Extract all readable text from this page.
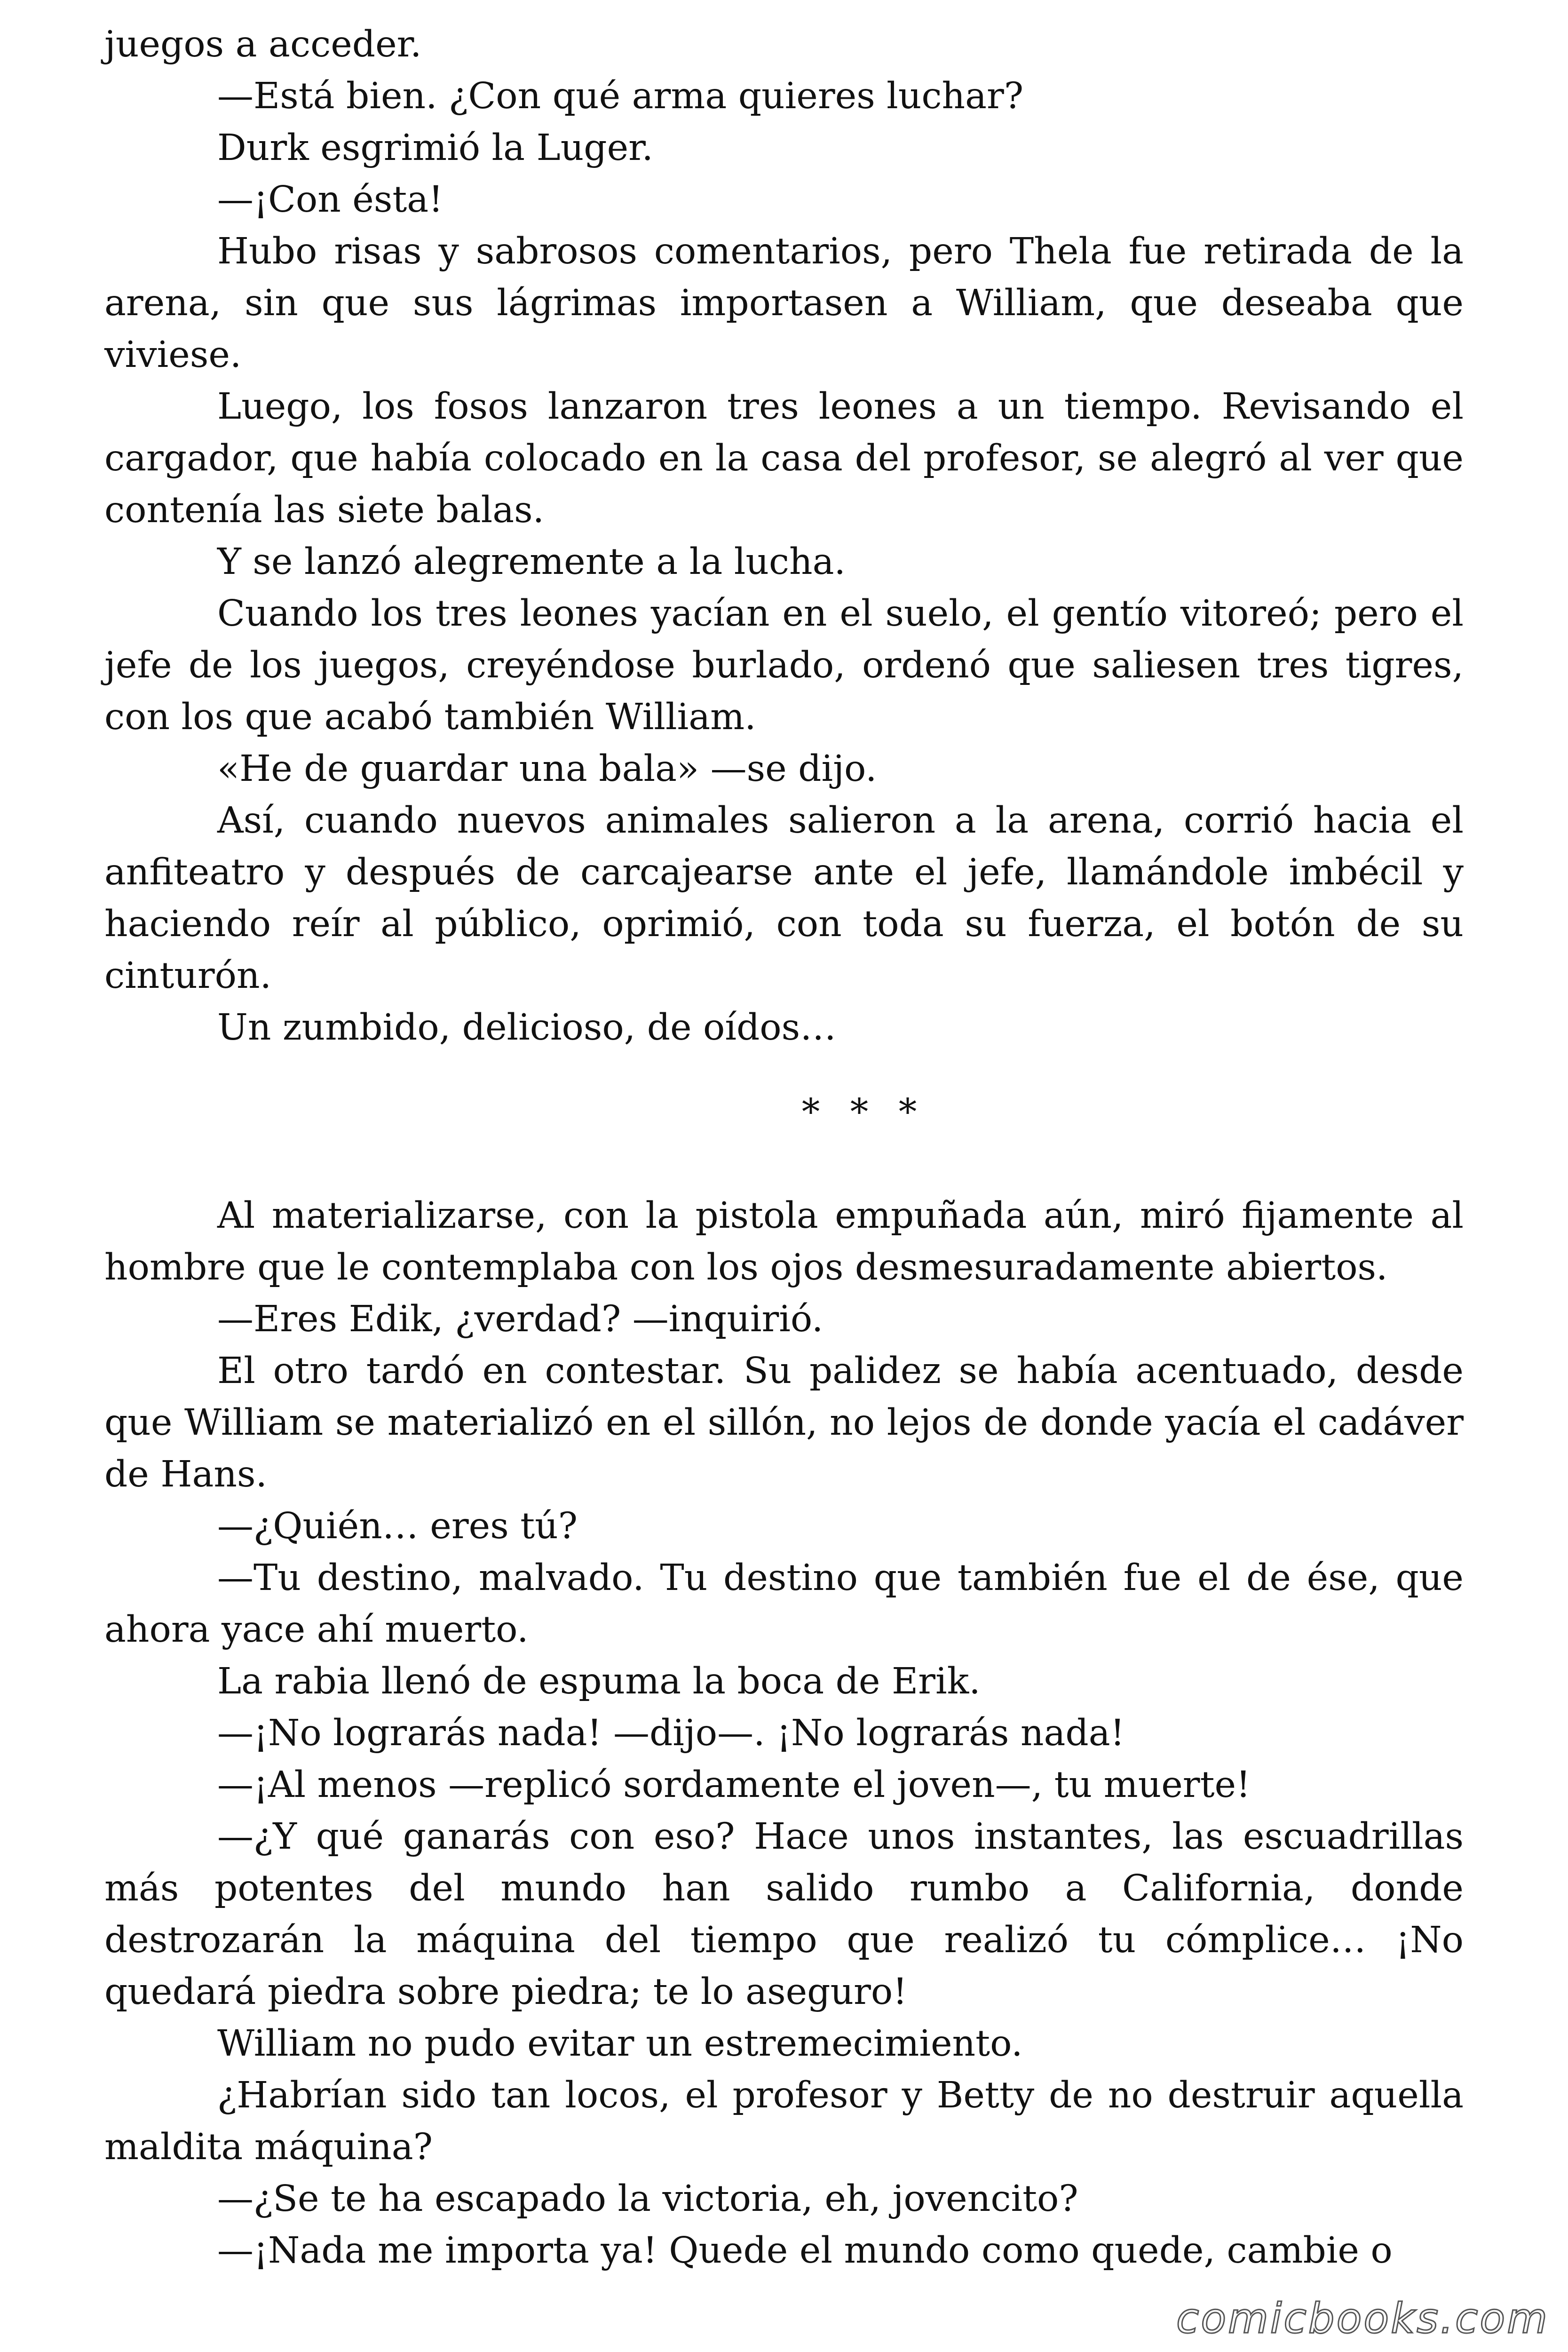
juegos a acceder.

—Está bien. ¿Con qué arma quieres luchar?

Durk esgrimió la Luger.

—¡Con ésta!

Hubo risas y sabrosos comentarios, pero Thela fue retirada de la arena, sin que sus lágrimas importasen a William, que deseaba que viviese.

Luego, los fosos lanzaron tres leones a un tiempo. Revisando el cargador, que había colocado en la casa del profesor, se alegró al ver que contenía las siete balas.

Y se lanzó alegremente a la lucha.

Cuando los tres leones yacían en el suelo, el gentío vitoreó; pero el jefe de los juegos, creyéndose burlado, ordenó que saliesen tres tigres, con los que acabó también William.

«He de guardar una bala» —se dijo.

Así, cuando nuevos animales salieron a la arena, corrió hacia el anfiteatro y después de carcajearse ante el jefe, llamándole imbécil y haciendo reír al público, oprimió, con toda su fuerza, el botón de su cinturón.

Un zumbido, delicioso, de oídos…

* * *

Al materializarse, con la pistola empuñada aún, miró fijamente al hombre que le contemplaba con los ojos desmesuradamente abiertos.

—Eres Edik, ¿verdad? —inquirió.

El otro tardó en contestar. Su palidez se había acentuado, desde que William se materializó en el sillón, no lejos de donde yacía el cadáver de Hans.

—¿Quién… eres tú?

—Tu destino, malvado. Tu destino que también fue el de ése, que ahora yace ahí muerto.

La rabia llenó de espuma la boca de Erik.

—¡No lograrás nada! —dijo—. ¡No lograrás nada!

—¡Al menos —replicó sordamente el joven—, tu muerte!

—¿Y qué ganarás con eso? Hace unos instantes, las escuadrillas más potentes del mundo han salido rumbo a California, donde destrozarán la máquina del tiempo que realizó tu cómplice… ¡No quedará piedra sobre piedra; te lo aseguro!

William no pudo evitar un estremecimiento.

¿Habrían sido tan locos, el profesor y Betty de no destruir aquella maldita máquina?

—¿Se te ha escapado la victoria, eh, jovencito?

—¡Nada me importa ya! Quede el mundo como quede, cambie o

comicbooks.com
